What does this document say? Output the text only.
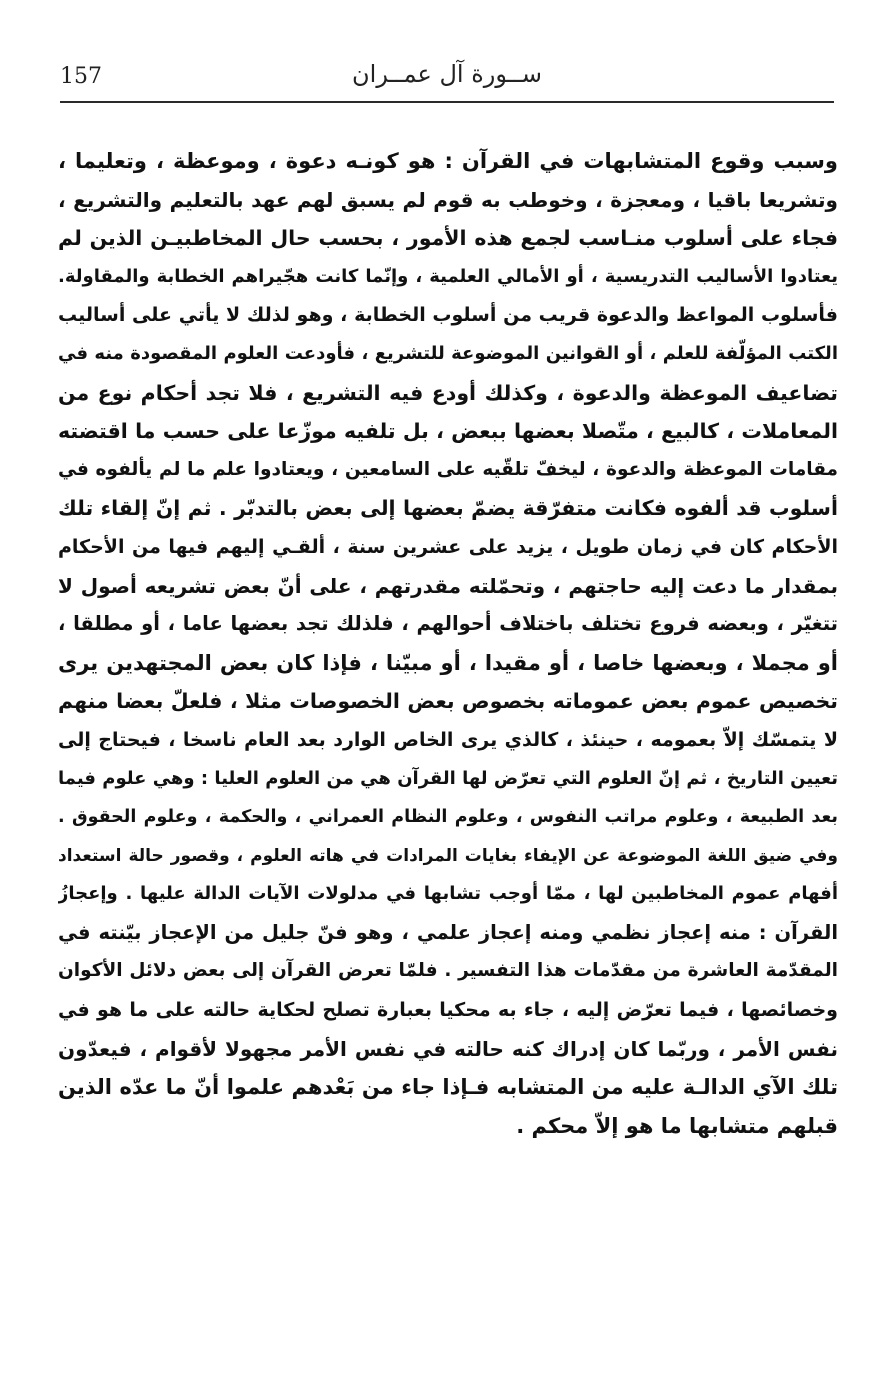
157	ســورة آل عمــران
وسبب وقوع المتشابهات في القرآن : هو كونـه دعوة ، وموعظة ، وتعليما ،
وتشريعا باقيا ، ومعجزة ، وخوطب به قوم لم يسبق لهم عهد بالتعليم والتشريع ،
فجاء على أسلوب منـاسب لجمع هذه الأمور ، بحسب حال المخاطبيـن الذين لم
يعتادوا الأساليب التدريسية ، أو الأمالي العلمية ، وإنّما كانت هجّيراهم الخطابة والمقاولة.
فأسلوب المواعظ والدعوة قريب من أسلوب الخطابة ، وهو لذلك لا يأتي على أساليب
الكتب المؤلّفة للعلم ، أو القوانين الموضوعة للتشريع ، فأودعت العلوم المقصودة منه في
تضاعيف الموعظة والدعوة ، وكذلك أودع فيه التشريع ، فلا تجد أحكام نوع من
المعاملات ، كالبيع ، متّصلا بعضها ببعض ، بل تلفيه موزّعا على حسب ما اقتضته
مقامات الموعظة والدعوة ، ليخفّ تلقّيه على السامعين ، ويعتادوا علم ما لم يألفوه في
أسلوب قد ألفوه فكانت متفرّقة يضمّ بعضها إلى بعض بالتدبّر . ثم إنّ إلقاء تلك
الأحكام كان في زمان طويل ، يزيد على عشرين سنة ، ألقـي إليهم فيها من الأحكام
بمقدار ما دعت إليه حاجتهم ، وتحمّلته مقدرتهم ، على أنّ بعض تشريعه أصول لا
تتغيّر ، وبعضه فروع تختلف باختلاف أحوالهم ، فلذلك تجد بعضها عاما ، أو مطلقا ،
أو مجملا ، وبعضها خاصا ، أو مقيدا ، أو مبيّنا ، فإذا كان بعض المجتهدين يرى
تخصيص عموم بعض عموماته بخصوص بعض الخصوصات مثلا ، فلعلّ بعضا منهم
لا يتمسّك إلاّ بعمومه ، حينئذ ، كالذي يرى الخاص الوارد بعد العام ناسخا ، فيحتاج إلى
تعيين التاريخ ، ثم إنّ العلوم التي تعرّض لها القرآن هي من العلوم العليا : وهي علوم فيما
بعد الطبيعة ، وعلوم مراتب النفوس ، وعلوم النظام العمراني ، والحكمة ، وعلوم الحقوق .
وفي ضيق اللغة الموضوعة عن الإيفاء بغايات المرادات في هاته العلوم ، وقصور حالة استعداد
أفهام عموم المخاطبين لها ، ممّا أوجب تشابها في مدلولات الآيات الدالة عليها . وإعجازُ
القرآن : منه إعجاز نظمي ومنه إعجاز علمي ، وهو فنّ جليل من الإعجاز بيّنته في
المقدّمة العاشرة من مقدّمات هذا التفسير . فلمّا تعرض القرآن إلى بعض دلائل الأكوان
وخصائصها ، فيما تعرّض إليه ، جاء به محكيا بعبارة تصلح لحكاية حالته على ما هو في
نفس الأمر ، وربّما كان إدراك كنه حالته في نفس الأمر مجهولا لأقوام ، فيعدّون
تلك الآي الدالـة عليه من المتشابه فـإذا جاء من بَعْدهم علموا أنّ ما عدّه الذين
قبلهم متشابها ما هو إلاّ محكم .
